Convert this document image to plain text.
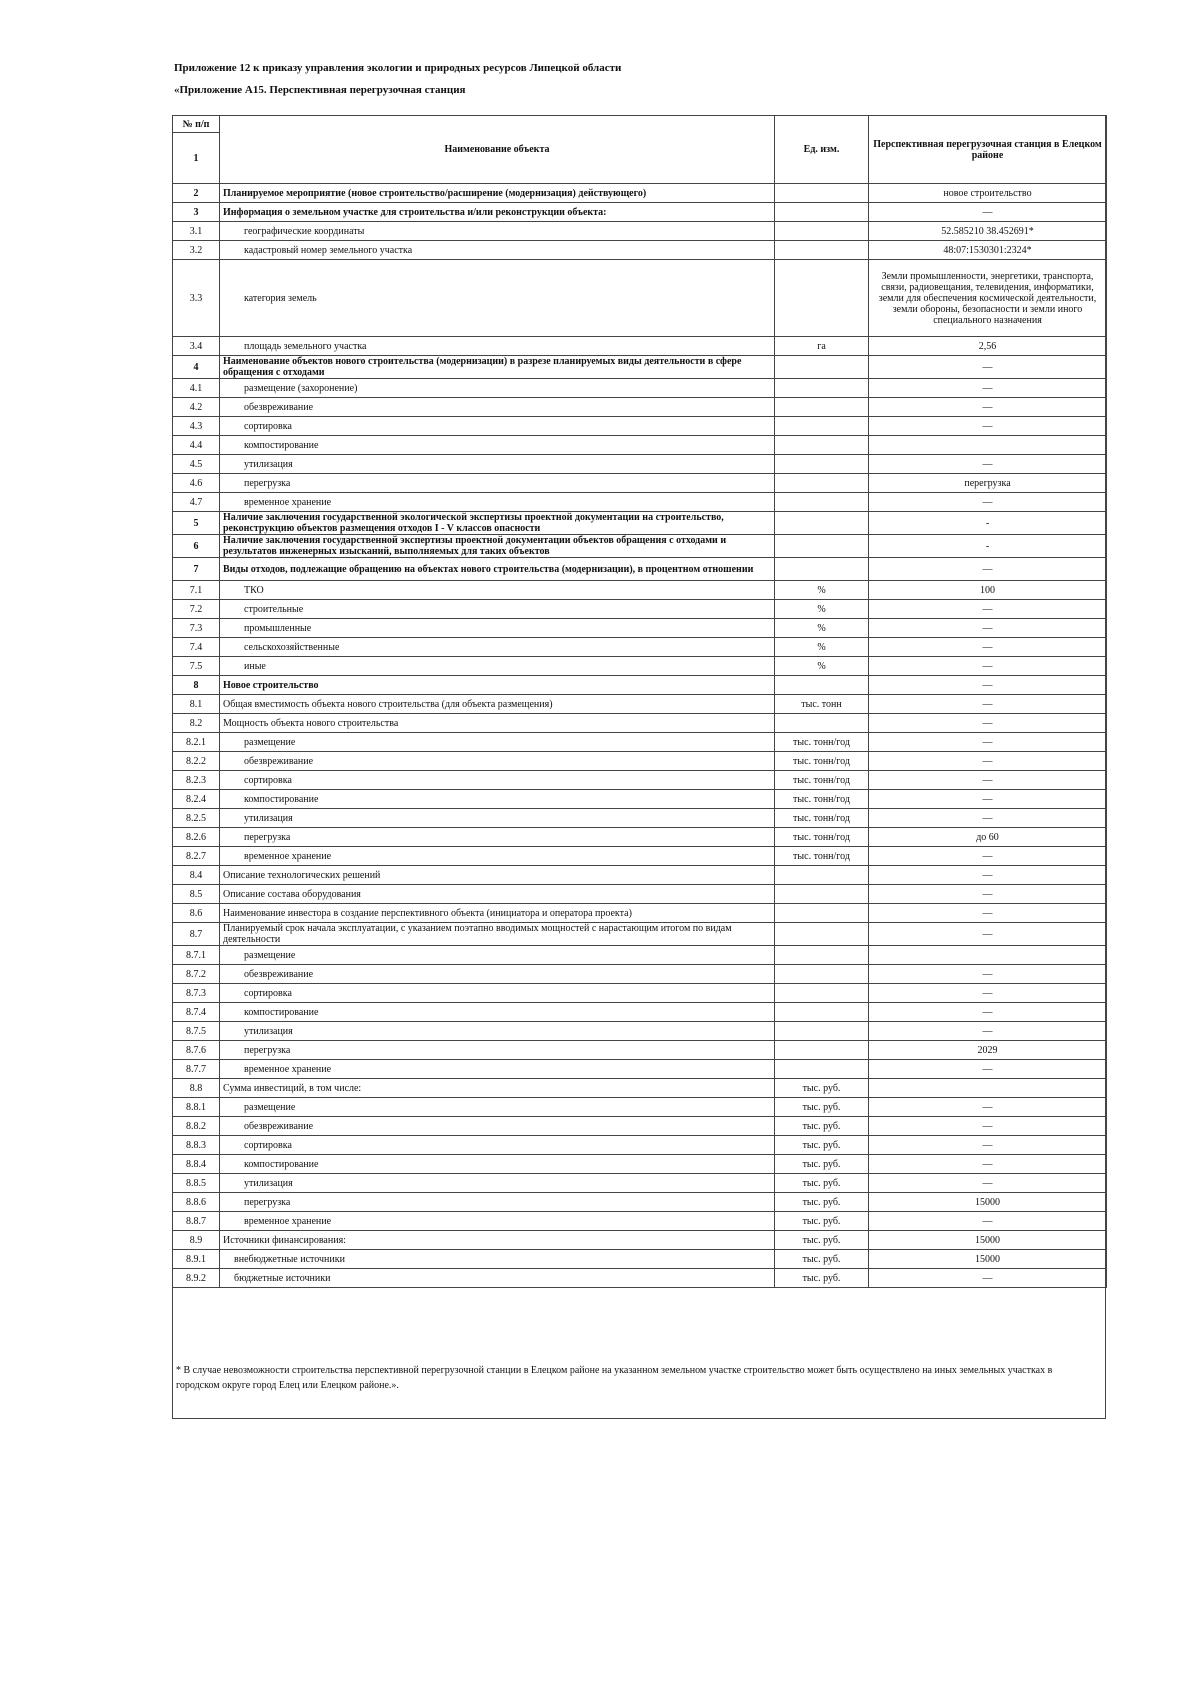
Приложение 12 к приказу управления экологии и природных ресурсов Липецкой области
«Приложение А15. Перспективная перегрузочная станция
№ п/п	Наименование объекта	Ед. изм.	Перспективная перегрузочная станция в Елецком районе
1			
2	Планируемое мероприятие (новое строительство/расширение (модернизация) действующего)		новое строительство
3	Информация о земельном участке для строительства и/или реконструкции объекта:		—
3.1	географические координаты		52.585210 38.452691*
3.2	кадастровый номер земельного участка		48:07:1530301:2324*
3.3	категория земель		Земли промышленности, энергетики, транспорта, связи, радиовещания, телевидения, информатики, земли для обеспечения космической деятельности, земли обороны, безопасности и земли иного специального назначения
3.4	площадь земельного участка	га	2,56
4	Наименование объектов нового строительства (модернизации) в разрезе планируемых виды деятельности в сфере обращения с отходами		—
4.1	размещение (захоронение)		—
4.2	обезвреживание		—
4.3	сортировка		—
4.4	компостирование		
4.5	утилизация		—
4.6	перегрузка		перегрузка
4.7	временное хранение		—
5	Наличие заключения государственной экологической экспертизы проектной документации на строительство, реконструкцию объектов размещения отходов I - V классов опасности		-
6	Наличие заключения государственной экспертизы проектной документации объектов обращения с отходами и результатов инженерных изысканий, выполняемых для таких объектов		-
7	Виды отходов, подлежащие обращению на объектах нового строительства (модернизации), в процентном отношении		—
7.1	ТКО	%	100
7.2	строительные	%	—
7.3	промышленные	%	—
7.4	сельскохозяйственные	%	—
7.5	иные	%	—
8	Новое строительство		—
8.1	Общая вместимость объекта нового строительства (для объекта размещения)	тыс. тонн	—
8.2	Мощность объекта нового строительства		—
8.2.1	размещение	тыс. тонн/год	—
8.2.2	обезвреживание	тыс. тонн/год	—
8.2.3	сортировка	тыс. тонн/год	—
8.2.4	компостирование	тыс. тонн/год	—
8.2.5	утилизация	тыс. тонн/год	—
8.2.6	перегрузка	тыс. тонн/год	до 60
8.2.7	временное хранение	тыс. тонн/год	—
8.4	Описание технологических решений		—
8.5	Описание состава оборудования		—
8.6	Наименование инвестора в создание перспективного объекта (инициатора и оператора проекта)		—
8.7	Планируемый срок начала эксплуатации, с указанием поэтапно вводимых мощностей с нарастающим итогом по видам деятельности		—
8.7.1	размещение		
8.7.2	обезвреживание		—
8.7.3	сортировка		—
8.7.4	компостирование		—
8.7.5	утилизация		—
8.7.6	перегрузка		2029
8.7.7	временное хранение		—
8.8	Сумма инвестиций, в том числе:	тыс. руб.	
8.8.1	размещение	тыс. руб.	—
8.8.2	обезвреживание	тыс. руб.	—
8.8.3	сортировка	тыс. руб.	—
8.8.4	компостирование	тыс. руб.	—
8.8.5	утилизация	тыс. руб.	—
8.8.6	перегрузка	тыс. руб.	15000
8.8.7	временное хранение	тыс. руб.	—
8.9	Источники финансирования:	тыс. руб.	15000
8.9.1	внебюджетные источники	тыс. руб.	15000
8.9.2	бюджетные источники	тыс. руб.	—
* В случае невозможности строительства перспективной перегрузочной станции в Елецком районе на указанном земельном участке строительство может быть осуществлено на иных земельных участках в городском округе город Елец или Елецком районе.».
